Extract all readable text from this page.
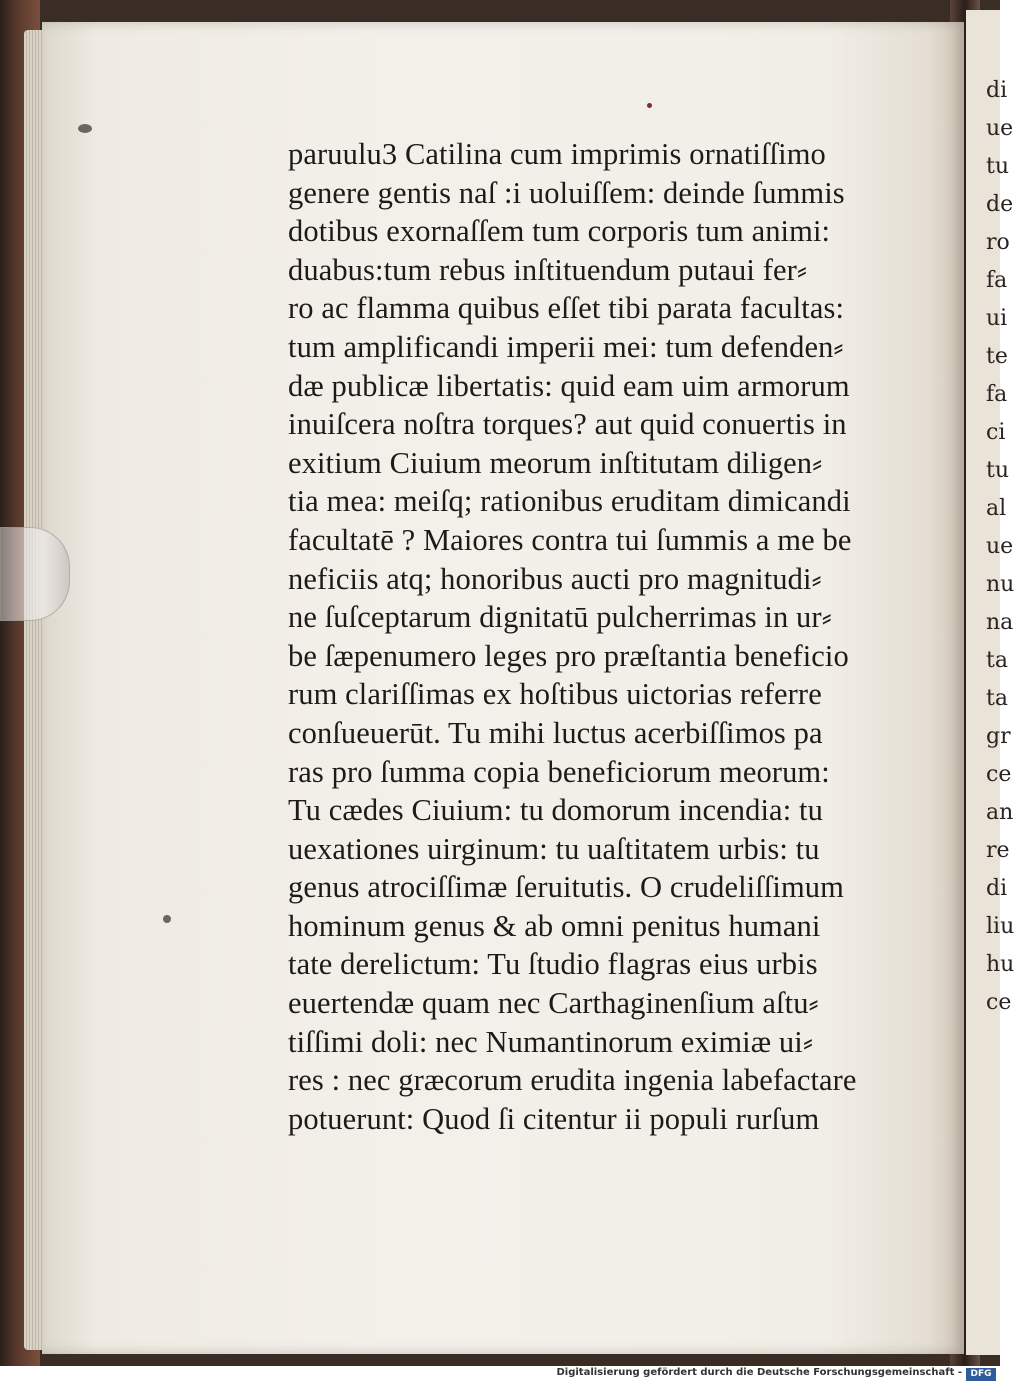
di
ue
tu
de
ro
fa
ui
te
fa
ci
tu
al
ue
nu
na
ta
ta
gr
ce
an
re
di
liu
hu
ce
paruulu3 Catilina cum imprimis ornatiſſimo
genere gentis naſ :i uoluiſſem: deinde ſummis
dotibus exornaſſem tum corporis tum animi:
duabus:tum rebus inſtituendum putaui fer⸗
ro ac flamma quibus eſſet tibi parata facultas:
tum amplificandi imperii mei: tum defenden⸗
dæ publicæ libertatis: quid eam uim armorum
inuiſcera noſtra torques? aut quid conuertis in
exitium Ciuium meorum inſtitutam diligen⸗
tia mea: meiſq; rationibus eruditam dimicandi
facultatē ? Maiores contra tui ſummis a me be
neficiis atq; honoribus aucti pro magnitudi⸗
ne ſuſceptarum dignitatū pulcherrimas in ur⸗
be ſæpenumero leges pro præſtantia beneficio
rum clariſſimas ex hoſtibus uictorias referre
conſueuerūt. Tu mihi luctus acerbiſſimos pa
ras pro ſumma copia beneficiorum meorum:
Tu cædes Ciuium: tu domorum incendia: tu
uexationes uirginum: tu uaſtitatem urbis: tu
genus atrociſſimæ ſeruitutis. O crudeliſſimum
hominum genus & ab omni penitus humani
tate derelictum: Tu ſtudio flagras eius urbis
euertendæ quam nec Carthaginenſium aſtu⸗
tiſſimi doli: nec Numantinorum eximiæ ui⸗
res : nec græcorum erudita ingenia labefactare
potuerunt: Quod ſi citentur ii populi rurſum
Digitalisierung gefördert durch die Deutsche Forschungsgemeinschaft - DFG
